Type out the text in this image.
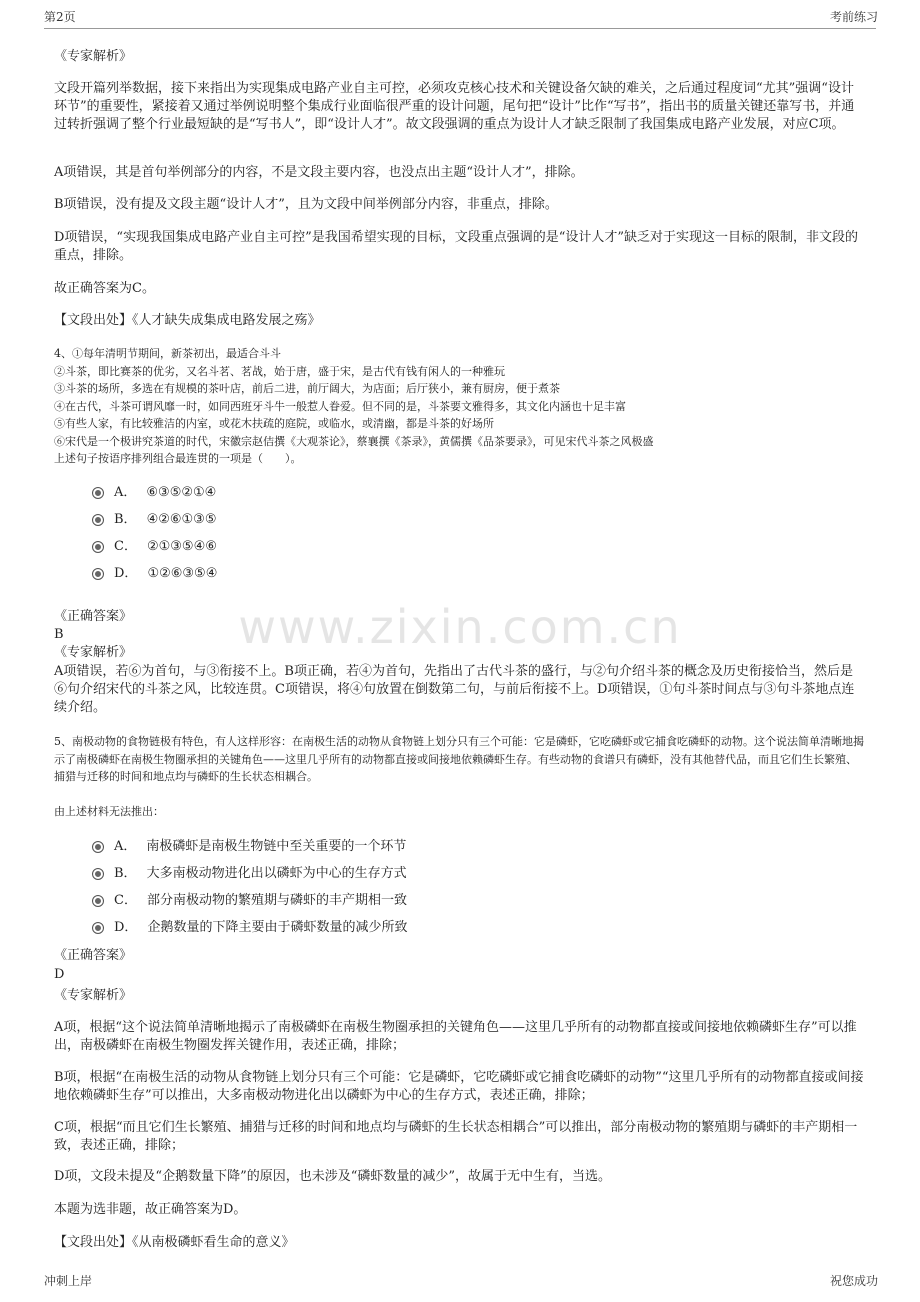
第2页	考前练习
www.zixin.com.cn
《专家解析》
文段开篇列举数据，接下来指出为实现集成电路产业自主可控，必须攻克核心技术和关键设备欠缺的难关，之后通过程度词“尤其”强调“设计环节”的重要性，紧接着又通过举例说明整个集成行业面临很严重的设计问题，尾句把“设计”比作“写书”，指出书的质量关键还靠写书，并通过转折强调了整个行业最短缺的是“写书人”，即“设计人才”。故文段强调的重点为设计人才缺乏限制了我国集成电路产业发展，对应C项。
A项错误，其是首句举例部分的内容，不是文段主要内容，也没点出主题“设计人才”，排除。
B项错误，没有提及文段主题“设计人才”，且为文段中间举例部分内容，非重点，排除。
D项错误，“实现我国集成电路产业自主可控”是我国希望实现的目标，文段重点强调的是“设计人才”缺乏对于实现这一目标的限制，非文段的重点，排除。
故正确答案为C。
【文段出处】《人才缺失成集成电路发展之殇》
4、①每年清明节期间，新茶初出，最适合斗斗
②斗茶，即比赛茶的优劣，又名斗茗、茗战，始于唐，盛于宋，是古代有钱有闲人的一种雅玩
③斗茶的场所，多选在有规模的茶叶店，前后二进，前厅阔大，为店面；后厅狭小，兼有厨房，便于煮茶
④在古代，斗茶可谓风靡一时，如同西班牙斗牛一般惹人眷爱。但不同的是，斗茶要文雅得多，其文化内涵也十足丰富
⑤有些人家，有比较雅洁的内室，或花木扶疏的庭院，或临水，或清幽，都是斗茶的好场所
⑥宋代是一个极讲究茶道的时代，宋徽宗赵佶撰《大观茶论》，蔡襄撰《茶录》，黄儒撰《品茶要录》，可见宋代斗茶之风极盛
上述句子按语序排列组合最连贯的一项是（　　）。
A． ⑥③⑤②①④
B． ④②⑥①③⑤
C． ②①③⑤④⑥
D． ①②⑥③⑤④
《正确答案》
B
《专家解析》
A项错误，若⑥为首句，与③衔接不上。B项正确，若④为首句，先指出了古代斗茶的盛行，与②句介绍斗茶的概念及历史衔接恰当，然后是⑥句介绍宋代的斗茶之风，比较连贯。C项错误，将④句放置在倒数第二句，与前后衔接不上。D项错误，①句斗茶时间点与③句斗茶地点连续介绍。
5、南极动物的食物链极有特色，有人这样形容：在南极生活的动物从食物链上划分只有三个可能：它是磷虾，它吃磷虾或它捕食吃磷虾的动物。这个说法简单清晰地揭示了南极磷虾在南极生物圈承担的关键角色——这里几乎所有的动物都直接或间接地依赖磷虾生存。有些动物的食谱只有磷虾，没有其他替代品，而且它们生长繁殖、捕猎与迁移的时间和地点均与磷虾的生长状态相耦合。
由上述材料无法推出：
A． 南极磷虾是南极生物链中至关重要的一个环节
B． 大多南极动物进化出以磷虾为中心的生存方式
C． 部分南极动物的繁殖期与磷虾的丰产期相一致
D． 企鹅数量的下降主要由于磷虾数量的减少所致
《正确答案》
D
《专家解析》
A项，根据“这个说法简单清晰地揭示了南极磷虾在南极生物圈承担的关键角色——这里几乎所有的动物都直接或间接地依赖磷虾生存”可以推出，南极磷虾在南极生物圈发挥关键作用，表述正确，排除；
B项，根据“在南极生活的动物从食物链上划分只有三个可能：它是磷虾，它吃磷虾或它捕食吃磷虾的动物”“这里几乎所有的动物都直接或间接地依赖磷虾生存”可以推出，大多南极动物进化出以磷虾为中心的生存方式，表述正确，排除；
C项，根据“而且它们生长繁殖、捕猎与迁移的时间和地点均与磷虾的生长状态相耦合”可以推出，部分南极动物的繁殖期与磷虾的丰产期相一致，表述正确，排除；
D项，文段未提及“企鹅数量下降”的原因，也未涉及“磷虾数量的减少”，故属于无中生有，当选。
本题为选非题，故正确答案为D。
【文段出处】《从南极磷虾看生命的意义》
冲刺上岸	祝您成功
